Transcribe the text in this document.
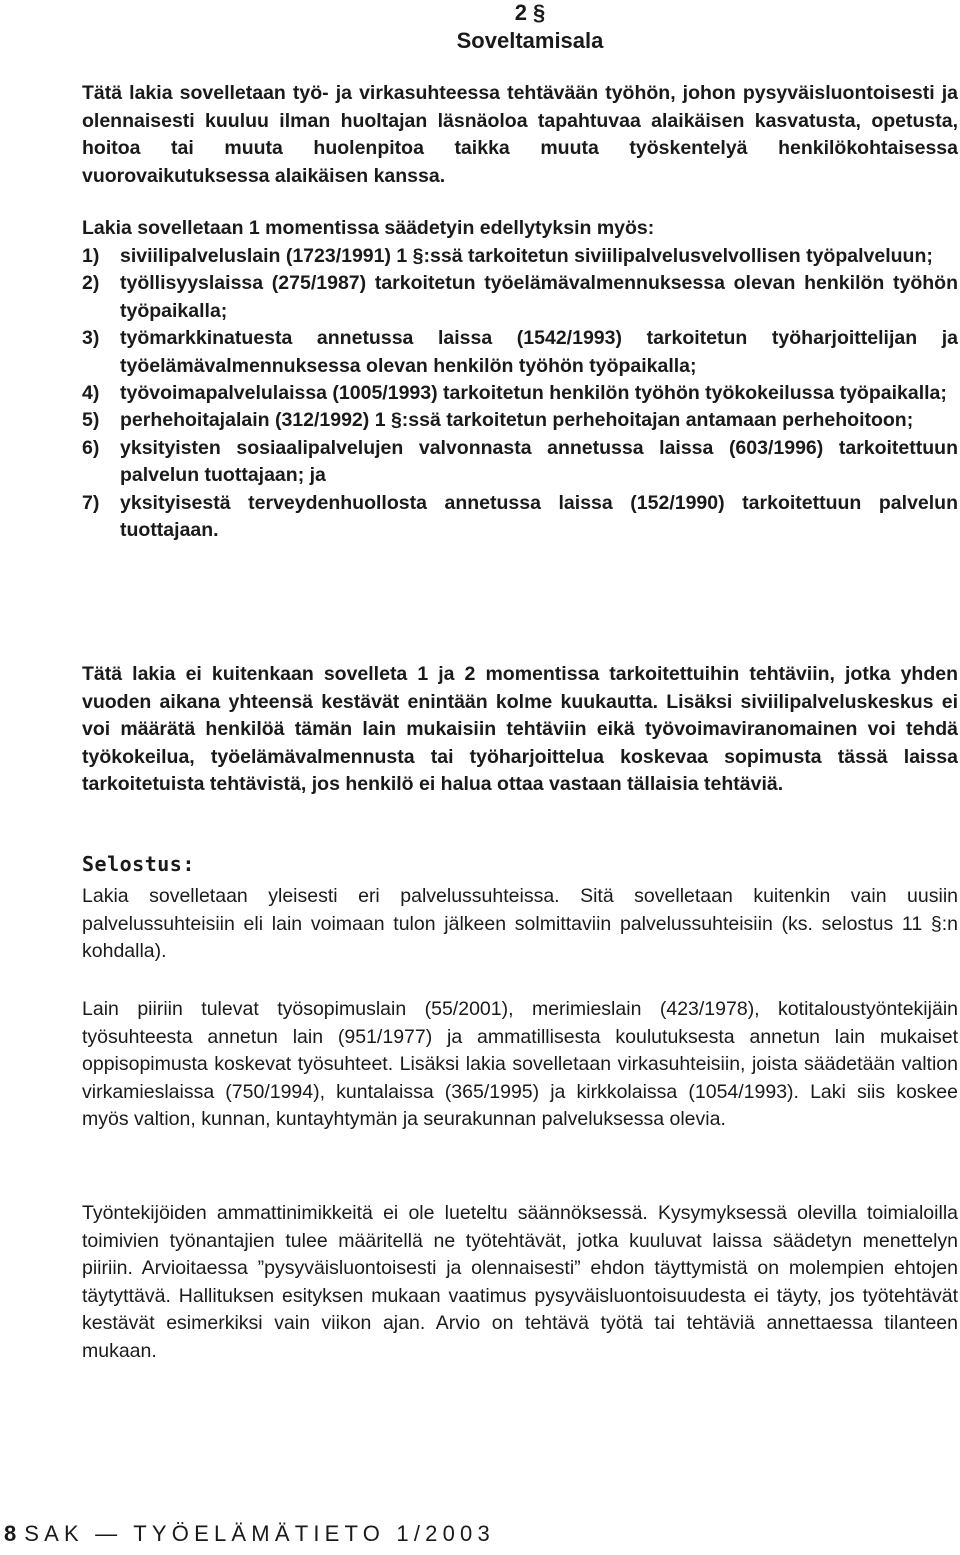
2 §
Soveltamisala
Tätä lakia sovelletaan työ- ja virkasuhteessa tehtävään työhön, johon pysyväisluontoisesti ja olennaisesti kuuluu ilman huoltajan läsnäoloa tapahtuvaa alaikäisen kasvatusta, opetusta, hoitoa tai muuta huolenpitoa taikka muuta työskentelyä henkilökohtaisessa vuorovaikutuksessa alaikäisen kanssa.
Lakia sovelletaan 1 momentissa säädetyin edellytyksin myös:
1)	siviilipalveluslain (1723/1991) 1 §:ssä tarkoitetun siviilipalvelusvelvollisen työpalveluun;
2)	työllisyyslaissa (275/1987) tarkoitetun työelämävalmennuksessa olevan henkilön työhön työpaikalla;
3)	työmarkkinatuesta annetussa laissa (1542/1993) tarkoitetun työharjoittelijan ja työelämävalmennuksessa olevan henkilön työhön työpaikalla;
4)	työvoimapalvelulaissa (1005/1993) tarkoitetun henkilön työhön työkokeilussa työpaikalla;
5)	perhehoitajalain (312/1992) 1 §:ssä tarkoitetun perhehoitajan antamaan perhehoitoon;
6)	yksityisten sosiaalipalvelujen valvonnasta annetussa laissa (603/1996) tarkoitettuun palvelun tuottajaan; ja
7)	yksityisestä terveydenhuollosta annetussa laissa (152/1990) tarkoitettuun palvelun tuottajaan.
Tätä lakia ei kuitenkaan sovelleta 1 ja 2 momentissa tarkoitettuihin tehtäviin, jotka yhden vuoden aikana yhteensä kestävät enintään kolme kuukautta. Lisäksi siviilipalveluskeskus ei voi määrätä henkilöä tämän lain mukaisiin tehtäviin eikä työvoimaviranomainen voi tehdä työkokeilua, työelämävalmennusta tai työharjoittelua koskevaa sopimusta tässä laissa tarkoitetuista tehtävistä, jos henkilö ei halua ottaa vastaan tällaisia tehtäviä.
Selostus:
Lakia sovelletaan yleisesti eri palvelussuhteissa. Sitä sovelletaan kuitenkin vain uusiin palvelussuhteisiin eli lain voimaan tulon jälkeen solmittaviin palvelussuhteisiin (ks. selostus 11 §:n kohdalla).
Lain piiriin tulevat työsopimuslain (55/2001), merimieslain (423/1978), kotitaloustyöntekijäin työsuhteesta annetun lain (951/1977) ja ammatillisesta koulutuksesta annetun lain mukaiset oppisopimusta koskevat työsuhteet. Lisäksi lakia sovelletaan virkasuhteisiin, joista säädetään valtion virkamieslaissa (750/1994), kuntalaissa (365/1995) ja kirkkolaissa (1054/1993). Laki siis koskee myös valtion, kunnan, kuntayhtymän ja seurakunnan palveluksessa olevia.
Työntekijöiden ammattinimikkeitä ei ole lueteltu säännöksessä. Kysymyksessä olevilla toimialoilla toimivien työnantajien tulee määritellä ne työtehtävät, jotka kuuluvat laissa säädetyn menettelyn piiriin. Arvioitaessa ”pysyväisluontoisesti ja olennaisesti” ehdon täyttymistä on molempien ehtojen täytyttävä. Hallituksen esityksen mukaan vaatimus pysyväisluontoisuudesta ei täyty, jos työtehtävät kestävät esimerkiksi vain viikon ajan. Arvio on tehtävä työtä tai tehtäviä annettaessa tilanteen mukaan.
8 SAK — TYÖELÄMÄTIETO 1/2003
